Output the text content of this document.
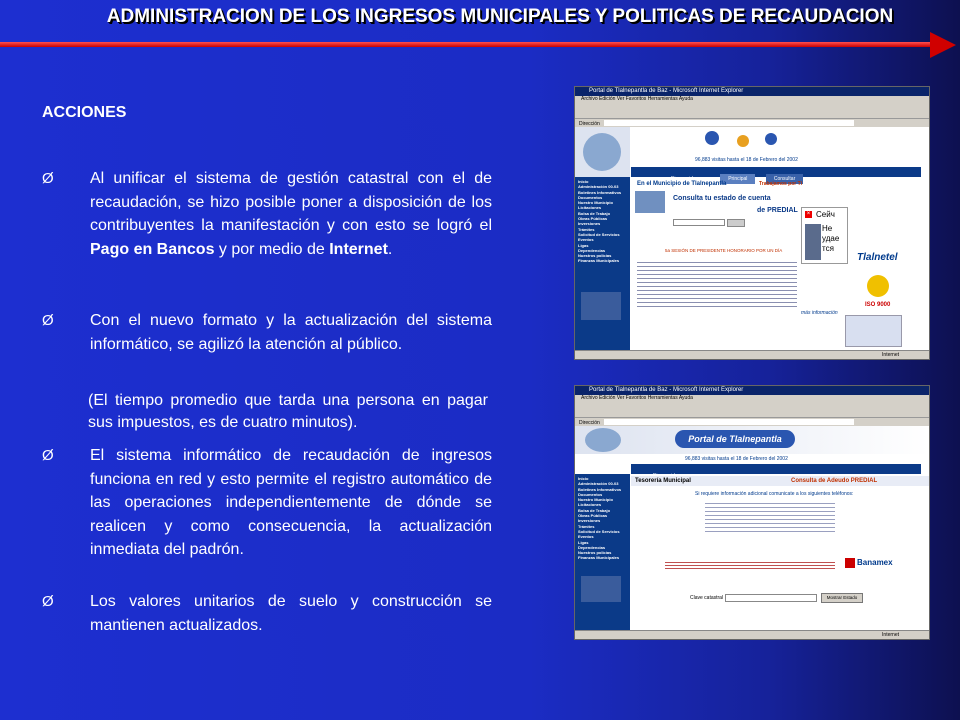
ADMINISTRACION DE LOS INGRESOS MUNICIPALES Y POLITICAS DE RECAUDACION
ACCIONES
Ø Al unificar el sistema de gestión catastral con el de recaudación, se hizo posible poner a disposición de los contribuyentes la manifestación y con esto se logró el Pago en Bancos y por medio de Internet.
Ø Con el nuevo formato y la actualización del sistema informático, se agilizó la atención al público.
(El tiempo promedio que tarda una persona en pagar sus impuestos, es de cuatro minutos).
Ø El sistema informático de recaudación de ingresos funciona en red y esto permite el registro automático de las operaciones independientemente de dónde se realicen y como consecuencia, la actualización inmediata del padrón.
Ø Los valores unitarios de suelo y construcción se mantienen actualizados.
Portal de Tlalnepantla de Baz - Microsoft Internet Explorer
Archivo Edición Ver Favoritos Herramientas Ayuda
Dirección
96,883 visitas hasta el 18 de Febrero del 2002
Bienvenida	Principal	Consultar
Inicio
Administración 00-03
Boletines Informativos
Documentos
Nuestro Municipio
Licitaciones
Bolsa de Trabajo
Obras Públicas
Inversiones
Trámites
Solicitud de Servicios
Eventos
Ligas
Dependencias
Nuestros policías
Finanzas Municipales
En el Municipio de Tlalnepantla	Trabajamos por Ti
Consulta tu estado de cuenta
de PREDIAL
5a SESIÓN DE PRESIDENTE HONORARIO POR UN DÍA
× Сейч
Не
удае
тся
Tlalnetel
ISO 9000
más información
Internet
Portal de Tlalnepantla de Baz - Microsoft Internet Explorer
Archivo Edición Ver Favoritos Herramientas Ayuda
Dirección
Portal de Tlalnepantla
96,883 visitas hasta el 18 de Febrero del 2002
Inicio
Administración 00-03
Boletines Informativos
Documentos
Nuestro Municipio
Licitaciones
Bolsa de Trabajo
Obras Públicas
Inversiones
Trámites
Solicitud de Servicios
Eventos
Ligas
Dependencias
Nuestros policías
Finanzas Municipales
Tesorería Municipal	Consulta de Adeudo PREDIAL
Si requiere información adicional comunicate a los siguientes teléfonos:
Banamex
Clave catastral	Mostrar Estado
Internet
